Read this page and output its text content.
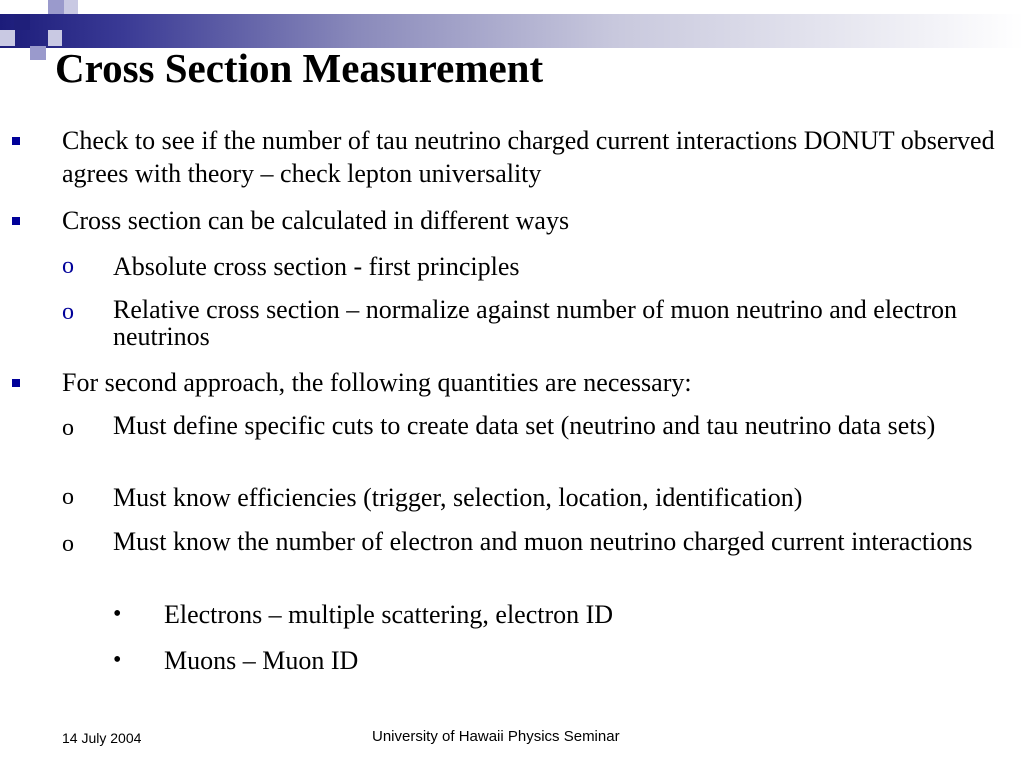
Cross Section Measurement
Check to see if the number of tau neutrino charged current interactions DONUT observed agrees with theory – check lepton universality
Cross section can be calculated in different ways
o Absolute cross section - first principles
o Relative cross section – normalize against number of muon neutrino and electron neutrinos
For second approach, the following quantities are necessary:
o Must define specific cuts to create data set (neutrino and tau neutrino data sets)
o Must know efficiencies (trigger, selection, location, identification)
o Must know the number of electron and muon neutrino charged current interactions
• Electrons – multiple scattering, electron ID
• Muons – Muon ID
14 July 2004	University of Hawaii Physics Seminar
